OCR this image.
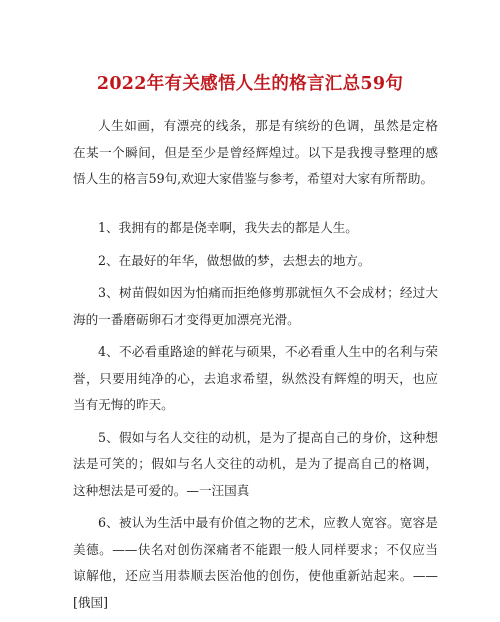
2022年有关感悟人生的格言汇总59句

人生如画，有漂亮的线条，那是有缤纷的色调，虽然是定格在某一个瞬间，但是至少是曾经辉煌过。以下是我搜寻整理的感悟人生的格言59句,欢迎大家借鉴与参考，希望对大家有所帮助。

1、我拥有的都是侥幸啊，我失去的都是人生。

2、在最好的年华，做想做的梦，去想去的地方。

3、树苗假如因为怕痛而拒绝修剪那就恒久不会成材；经过大海的一番磨砺卵石才变得更加漂亮光滑。

4、不必看重路途的鲜花与硕果，不必看重人生中的名利与荣誉，只要用纯净的心，去追求希望，纵然没有辉煌的明天，也应当有无悔的昨天。

5、假如与名人交往的动机，是为了提高自己的身价，这种想法是可笑的；假如与名人交往的动机，是为了提高自己的格调，这种想法是可爱的。—一汪国真

6、被认为生活中最有价值之物的艺术，应教人宽容。宽容是美德。——伕名对创伤深痛者不能跟一般人同样要求；不仅应当谅解他，还应当用恭顺去医治他的创伤，使他重新站起来。——[俄国]
